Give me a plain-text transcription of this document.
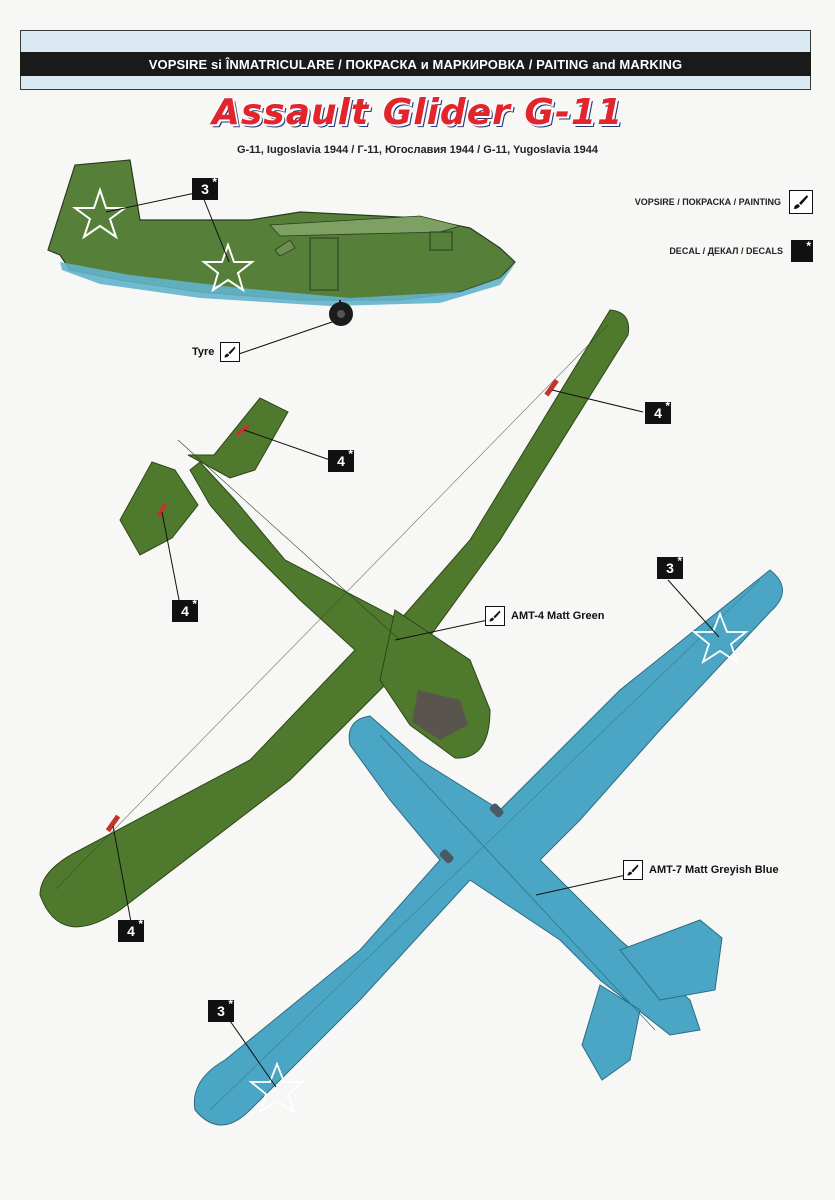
VOPSIRE si ÎNMATRICULARE / ПОКРАСКА и МАРКИРОВКА / PAITING and MARKING
Assault Glider G-11
G-11, Iugoslavia 1944 / Г-11, Югославия 1944 / G-11, Yugoslavia 1944
VOPSIRE / ПОКРАСКА / PAINTING
DECAL / ДЕКАЛ / DECALS *
3 *
4 *
4 *
4 *
3 *
4 *
3 *
Tyre
AMT-4 Matt Green
AMT-7 Matt Greyish Blue
